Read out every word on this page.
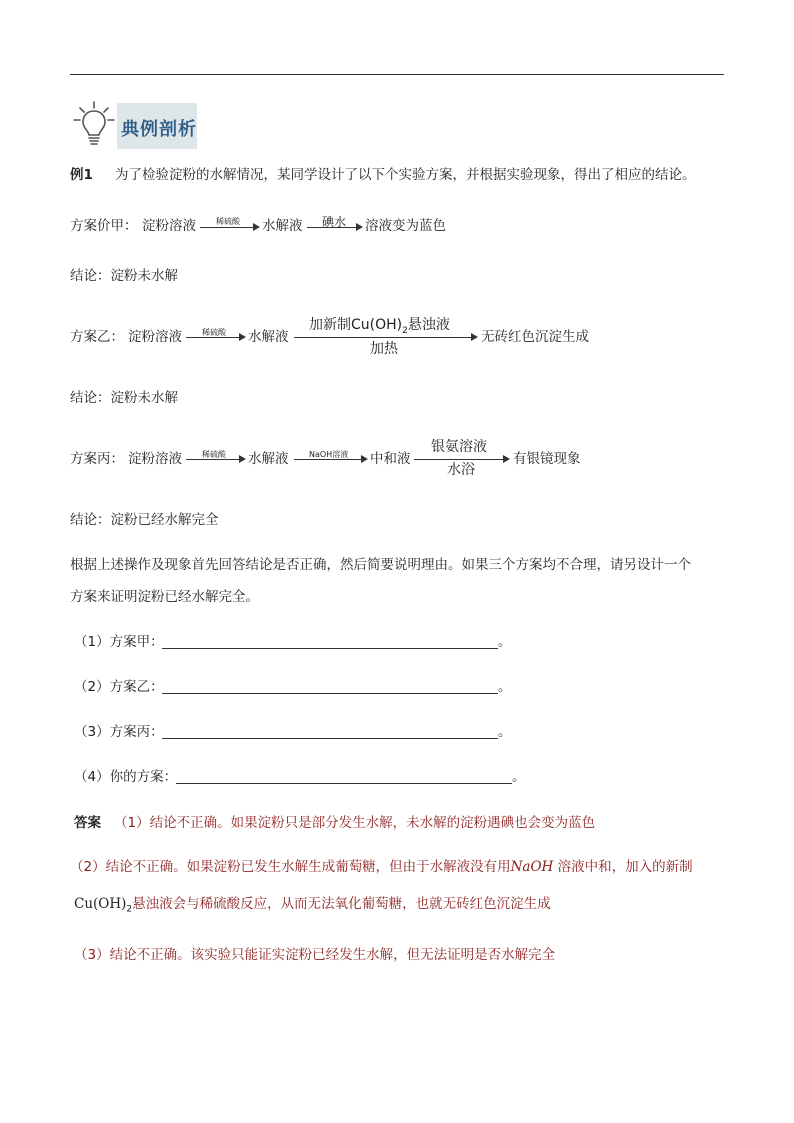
典例剖析
例1 为了检验淀粉的水解情况，某同学设计了以下个实验方案，并根据实验现象，得出了相应的结论。
方案价甲： 淀粉溶液	稀硫酸 水解液 碘水 溶液变为蓝色
结论：淀粉未水解
方案乙： 淀粉溶液	稀硫酸 水解液
加新制$Cu(OH)_2$悬浊液
加热
无砖红色沉淀生成
结论：淀粉未水解
方案丙： 淀粉溶液	稀硫酸 水解液	NaOH溶液 中和液
银氨溶液
水浴
有银镜现象
结论：淀粉已经水解完全
根据上述操作及现象首先回答结论是否正确，然后简要说明理由。如果三个方案均不合理，请另设计一个
方案来证明淀粉已经水解完全。
（1）方案甲：	。
（2）方案乙：	。
（3）方案丙：	。
（4）你的方案：	。
答案 （1）结论不正确。如果淀粉只是部分发生水解，未水解的淀粉遇碘也会变为蓝色
（2）结论不正确。如果淀粉已发生水解生成葡萄糖，但由于水解液没有用NaOH 溶液中和，加入的新制
$Cu(OH)_2$悬浊液会与稀硫酸反应，从而无法氧化葡萄糖，也就无砖红色沉淀生成
（3）结论不正确。该实验只能证实淀粉已经发生水解，但无法证明是否水解完全
